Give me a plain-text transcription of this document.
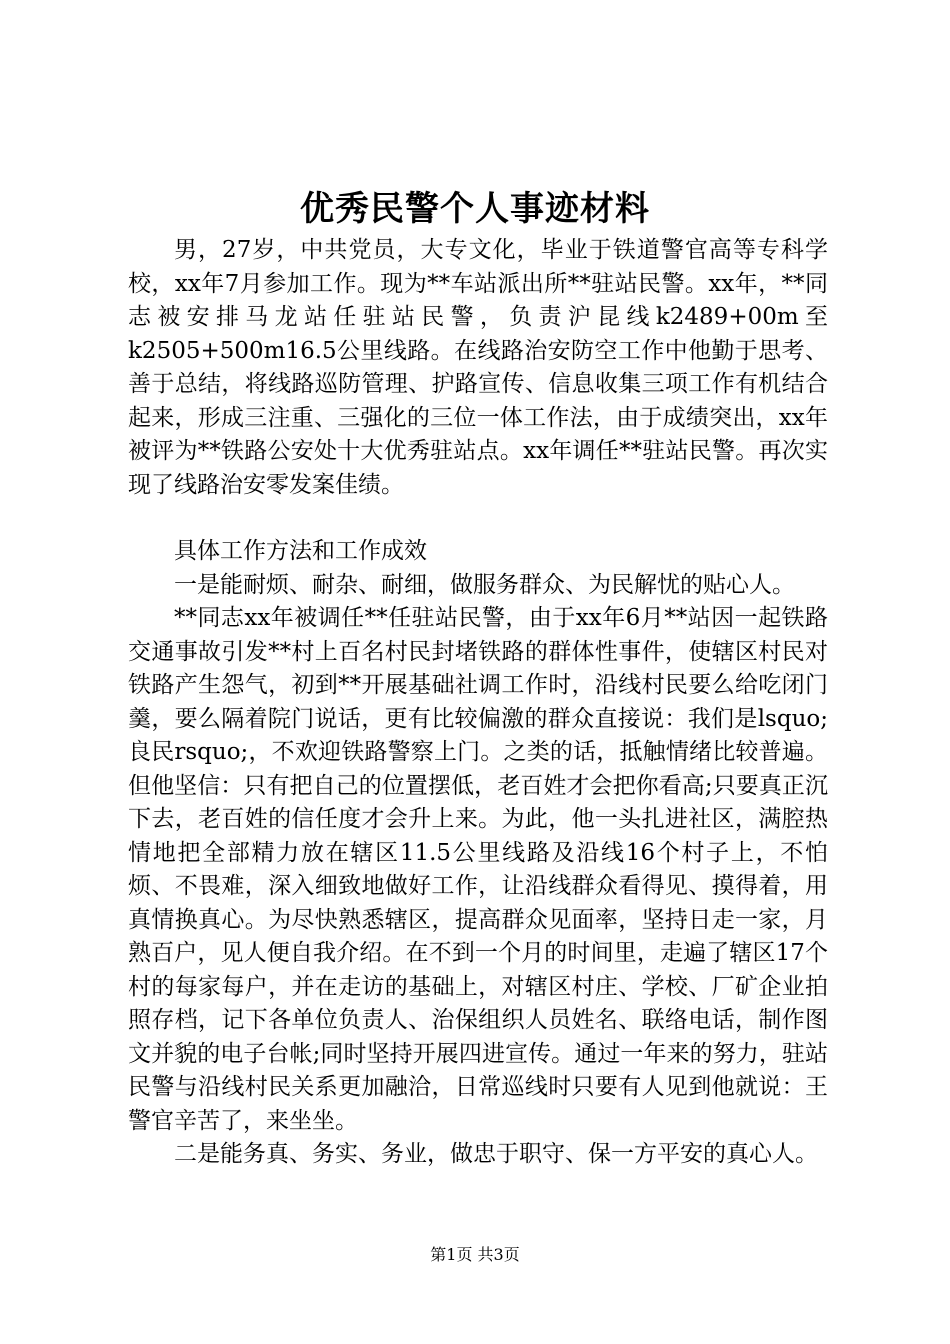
优秀民警个人事迹材料

男，27岁，中共党员，大专文化，毕业于铁道警官高等专科学校，xx年7月参加工作。现为**车站派出所**驻站民警。xx年，**同志被安排马龙站任驻站民警，负责沪昆线k2489+00m至k2505+500m16.5公里线路。在线路治安防空工作中他勤于思考、善于总结，将线路巡防管理、护路宣传、信息收集三项工作有机结合起来，形成三注重、三强化的三位一体工作法，由于成绩突出，xx年被评为**铁路公安处十大优秀驻站点。xx年调任**驻站民警。再次实现了线路治安零发案佳绩。

具体工作方法和工作成效

一是能耐烦、耐杂、耐细，做服务群众、为民解忧的贴心人。

**同志xx年被调任**任驻站民警，由于xx年6月**站因一起铁路交通事故引发**村上百名村民封堵铁路的群体性事件，使辖区村民对铁路产生怨气，初到**开展基础社调工作时，沿线村民要么给吃闭门羹，要么隔着院门说话，更有比较偏激的群众直接说：我们是lsquo;良民rsquo;，不欢迎铁路警察上门。之类的话，抵触情绪比较普遍。但他坚信：只有把自己的位置摆低，老百姓才会把你看高;只要真正沉下去，老百姓的信任度才会升上来。为此，他一头扎进社区，满腔热情地把全部精力放在辖区11.5公里线路及沿线16个村子上，不怕烦、不畏难，深入细致地做好工作，让沿线群众看得见、摸得着，用真情换真心。为尽快熟悉辖区，提高群众见面率，坚持日走一家，月熟百户，见人便自我介绍。在不到一个月的时间里，走遍了辖区17个村的每家每户，并在走访的基础上，对辖区村庄、学校、厂矿企业拍照存档，记下各单位负责人、治保组织人员姓名、联络电话，制作图文并貌的电子台帐;同时坚持开展四进宣传。通过一年来的努力，驻站民警与沿线村民关系更加融洽，日常巡线时只要有人见到他就说：王警官辛苦了，来坐坐。

二是能务真、务实、务业，做忠于职守、保一方平安的真心人。

第1页 共3页
